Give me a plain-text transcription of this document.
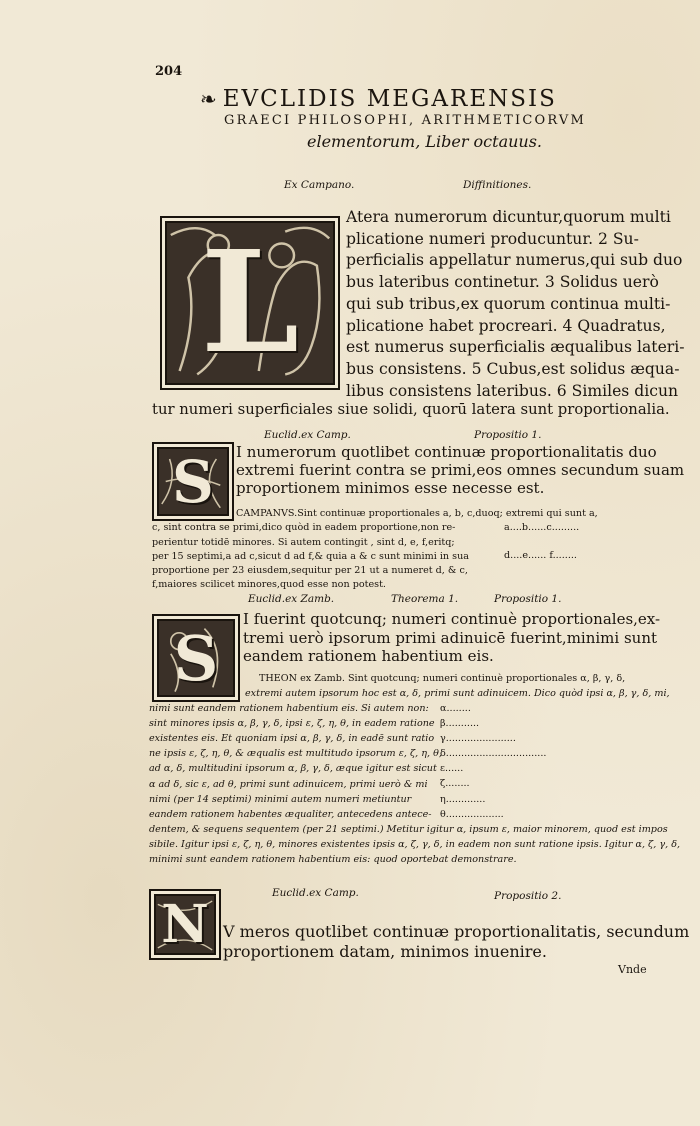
204
❧ EVCLIDIS MEGARENSIS
GRAECI PHILOSOPHI, ARITHMETICORVM
elementorum, Liber octauus.
Ex Campano.	Diffinitiones.
L
Atera numerorum dicuntur,quorum multi
plicatione numeri producuntur. 2 Su-
perficialis appellatur numerus,qui sub duo
bus lateribus continetur. 3 Solidus uerò
qui sub tribus,ex quorum continua multi-
plicatione habet procreari. 4 Quadratus,
est numerus superficialis æqualibus lateri-
bus consistens. 5 Cubus,est solidus æqua-
libus consistens lateribus. 6 Similes dicun
tur numeri superficiales siue solidi, quorū latera sunt proportionalia.
Euclid.ex Camp.	Propositio 1.
S I numerorum quotlibet continuæ proportionalitatis duo
extremi fuerint contra se primi,eos omnes secundum suam
proportionem minimos esse necesse est.
CAMPANVS.Sint continuæ proportionales a, b, c,duoq; extremi qui sunt a,
c, sint contra se primi,dico quòd in eadem proportione,non re-
perientur totidē minores. Si autem contingit , sint d, e, f,eritq;
per 15 septimi,a ad c,sicut d ad f,& quia a & c sunt minimi in sua
proportione per 23 eiusdem,sequitur per 21 ut a numeret d, & c,
f,maiores scilicet minores,quod esse non potest.
a....b......c.........
d....e...... f........
Euclid.ex Zamb.	Theorema 1.	Propositio 1.
S
I fuerint quotcunq; numeri continuè proportionales,ex-
tremi uerò ipsorum primi adinuicē fuerint,minimi sunt
eandem rationem habentium eis.
THEON ex Zamb. Sint quotcunq; numeri continuè proportionales α, β, γ, δ,
extremi autem ipsorum hoc est α, δ, primi sunt adinuicem. Dico quòd ipsi α, β, γ, δ, mi,
nimi sunt eandem rationem habentium eis. Si autem non:
sint minores ipsis α, β, γ, δ, ipsi ε, ζ, η, θ, in eadem ratione
existentes eis. Et quoniam ipsi α, β, γ, δ, in eadē sunt ratio
ne ipsis ε, ζ, η, θ, & æqualis est multitudo ipsorum ε, ζ, η, θ,
ad α, δ, multitudini ipsorum α, β, γ, δ, æque igitur est sicut
α ad δ, sic ε, ad θ, primi sunt adinuicem, primi uerò & mi
nimi (per 14 septimi) minimi autem numeri metiuntur
eandem rationem habentes æqualiter, antecedens antece-
dentem, & sequens sequentem (per 21 septimi.) Metitur igitur α, ipsum ε, maior minorem, quod est impos
sibile. Igitur ipsi ε, ζ, η, θ, minores existentes ipsis α, ζ, γ, δ, in eadem non sunt ratione ipsis. Igitur α, ζ, γ, δ,
minimi sunt eandem rationem habentium eis: quod oportebat demonstrare.
α........
β...........
γ.......................
δ.................................
ε......
ζ........
η.............
θ...................
Euclid.ex Camp.	Propositio 2.
N V meros quotlibet continuæ proportionalitatis, secundum
proportionem datam, minimos inuenire.
Vnde
